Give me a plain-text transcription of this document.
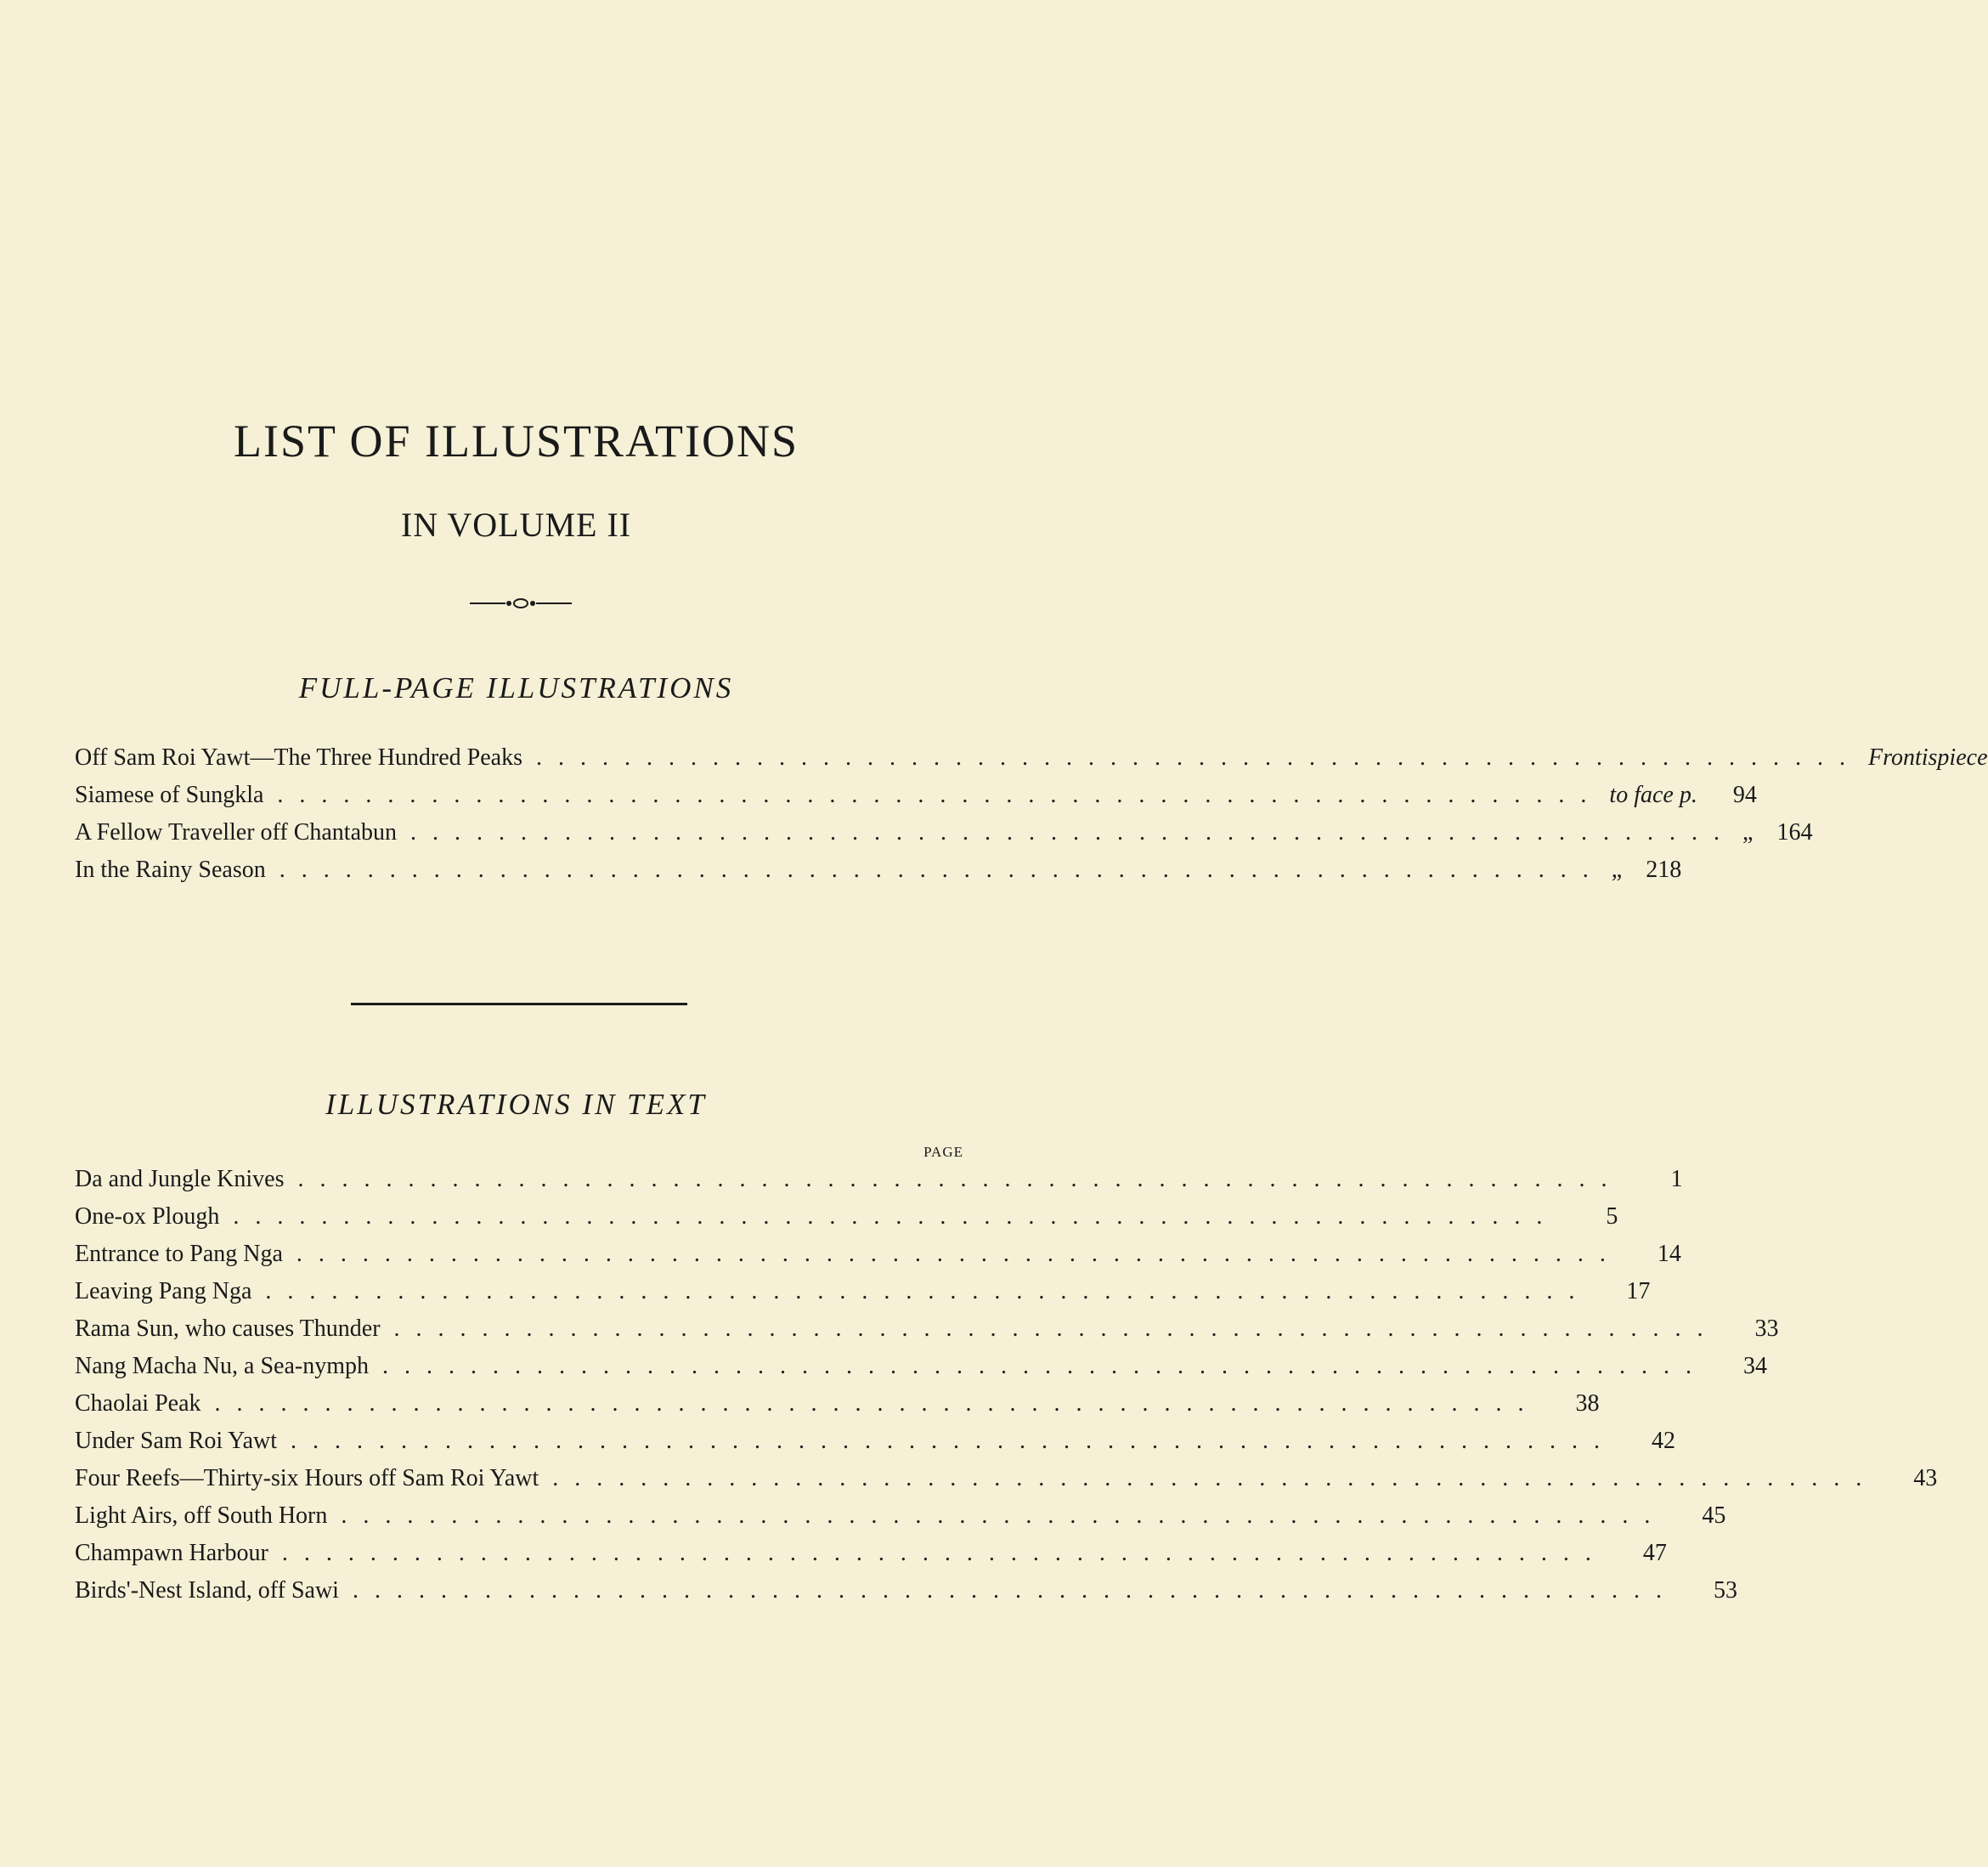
LIST OF ILLUSTRATIONS
IN VOLUME II
FULL-PAGE ILLUSTRATIONS
Off Sam Roi Yawt—The Three Hundred Peaks ............................................................ Frontispiece
Siamese of Sungkla ............................................................ to face p.	94
A Fellow Traveller off Chantabun ............................................................ „	164
In the Rainy Season ............................................................ „	218
ILLUSTRATIONS IN TEXT
PAGE
Da and Jungle Knives ............................................................	1
One-ox Plough ............................................................	5
Entrance to Pang Nga ............................................................	14
Leaving Pang Nga ............................................................	17
Rama Sun, who causes Thunder ............................................................	33
Nang Macha Nu, a Sea-nymph ............................................................	34
Chaolai Peak ............................................................	38
Under Sam Roi Yawt ............................................................	42
Four Reefs—Thirty-six Hours off Sam Roi Yawt ............................................................	43
Light Airs, off South Horn ............................................................	45
Champawn Harbour ............................................................	47
Birds'-Nest Island, off Sawi ............................................................	53
